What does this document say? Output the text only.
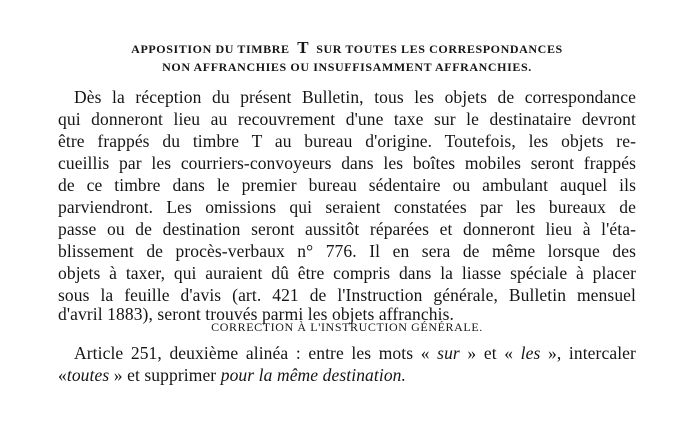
APPOSITION DU TIMBRE T SUR TOUTES LES CORRESPONDANCES
NON AFFRANCHIES OU INSUFFISAMMENT AFFRANCHIES.
Dès la réception du présent Bulletin, tous les objets de correspondance
qui donneront lieu au recouvrement d'une taxe sur le destinataire devront
être frappés du timbre T au bureau d'origine. Toutefois, les objets re-
cueillis par les courriers-convoyeurs dans les boîtes mobiles seront frappés
de ce timbre dans le premier bureau sédentaire ou ambulant auquel ils
parviendront. Les omissions qui seraient constatées par les bureaux de
passe ou de destination seront aussitôt réparées et donneront lieu à l'éta-
blissement de procès-verbaux n° 776. Il en sera de même lorsque des
objets à taxer, qui auraient dû être compris dans la liasse spéciale à placer
sous la feuille d'avis (art. 421 de l'Instruction générale, Bulletin mensuel
d'avril 1883), seront trouvés parmi les objets affranchis.
CORRECTION À L'INSTRUCTION GÉNÉRALE.
Article 251, deuxième alinéa : entre les mots « sur » et « les », intercaler
«toutes » et supprimer pour la même destination.
